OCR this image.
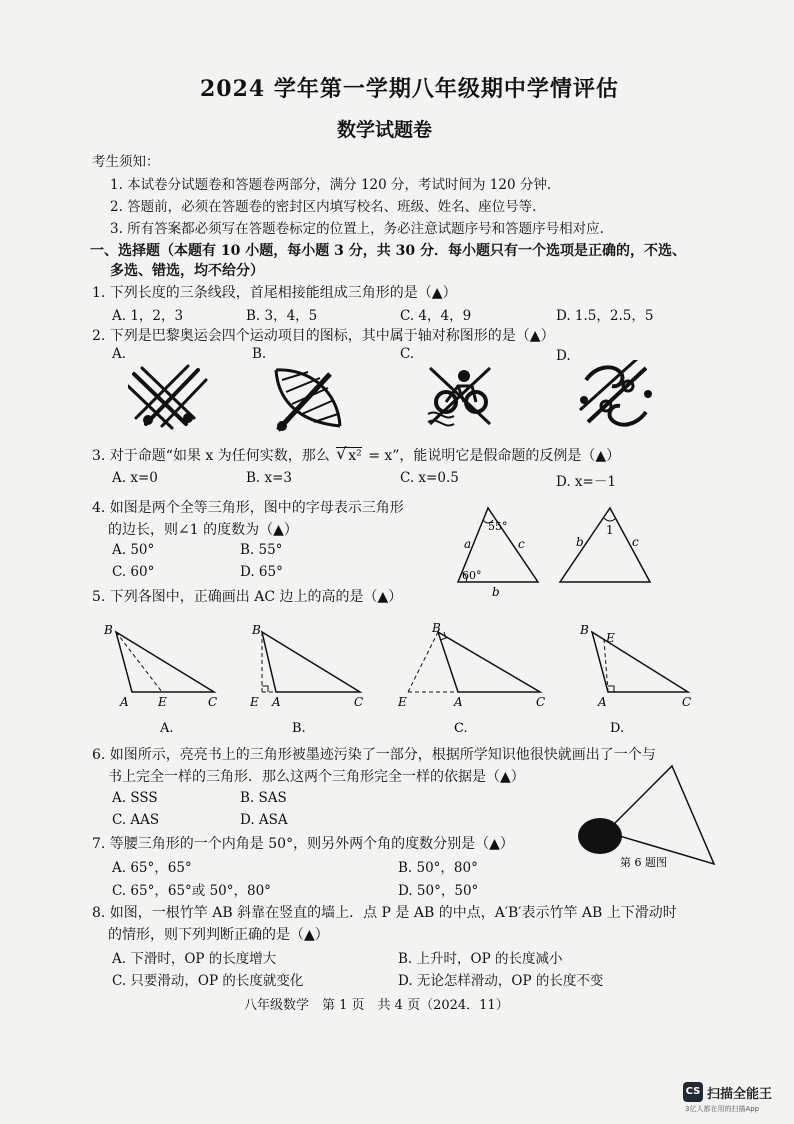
2024 学年第一学期八年级期中学情评估
数学试题卷
考生须知：
1. 本试卷分试题卷和答题卷两部分，满分 120 分，考试时间为 120 分钟.
2. 答题前，必须在答题卷的密封区内填写校名、班级、姓名、座位号等.
3. 所有答案都必须写在答题卷标定的位置上，务必注意试题序号和答题序号相对应.
一、选择题（本题有 10 小题，每小题 3 分，共 30 分．每小题只有一个选项是正确的，不选、
多选、错选，均不给分）
1. 下列长度的三条线段，首尾相接能组成三角形的是（▲）
A. 1，2，3	B. 3，4，5	C. 4，4，9	D. 1.5，2.5，5
2. 下列是巴黎奥运会四个运动项目的图标，其中属于轴对称图形的是（▲）
A.	B.	C.	D.
3. 对于命题“如果 x 为任何实数，那么 √ x² = x”，能说明它是假命题的反例是（▲）
A. x=0	B. x=3	C. x=0.5	D. x=－1
4. 如图是两个全等三角形，图中的字母表示三角形
的边长，则∠1 的度数为（▲）
A. 50°	B. 55°
C. 60°	D. 65°
55°
60°
a	c
b
1
b	c
5. 下列各图中，正确画出 AC 边上的高的是（▲）
B
A E	C
A.
B
E A	C
B.
B
E	A	C
C.
B
E
A	C
D.
6. 如图所示，亮亮书上的三角形被墨迹污染了一部分，根据所学知识他很快就画出了一个与
书上完全一样的三角形．那么这两个三角形完全一样的依据是（▲）
A. SSS	B. SAS
C. AAS	D. ASA
第 6 题图
7. 等腰三角形的一个内角是 50°，则另外两个角的度数分别是（▲）
A. 65°，65°	B. 50°，80°
C. 65°，65°或 50°，80°	D. 50°，50°
8. 如图，一根竹竿 AB 斜靠在竖直的墙上．点 P 是 AB 的中点，A′B′表示竹竿 AB 上下滑动时
的情形，则下列判断正确的是（▲）
A. 下滑时，OP 的长度增大	B. 上升时，OP 的长度减小
C. 只要滑动，OP 的长度就变化	D. 无论怎样滑动，OP 的长度不变
八年级数学　第 1 页　共 4 页（2024．11）
CS 扫描全能王
3亿人都在用的扫描App
